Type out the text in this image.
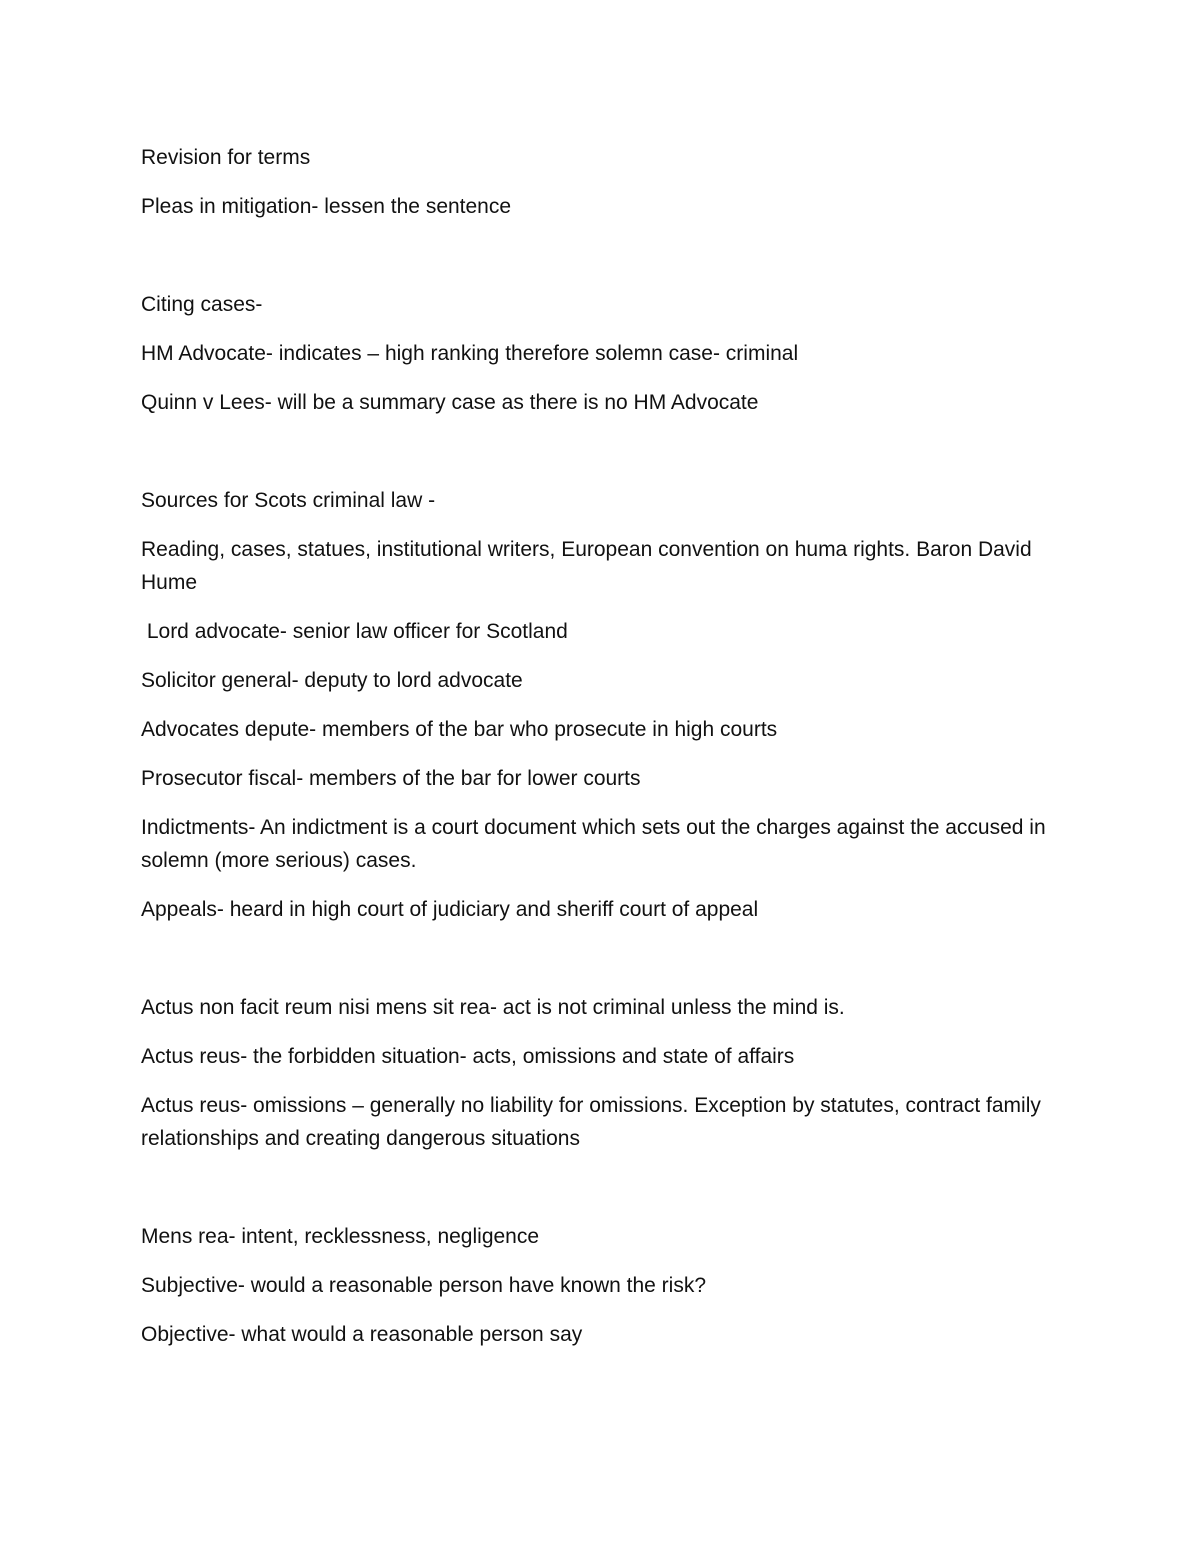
Revision for terms

Pleas in mitigation- lessen the sentence

Citing cases-

HM Advocate- indicates – high ranking therefore solemn case- criminal

Quinn v Lees- will be a summary case as there is no HM Advocate

Sources for Scots criminal law -

Reading, cases, statues, institutional writers, European convention on huma rights. Baron David Hume

Lord advocate- senior law officer for Scotland

Solicitor general- deputy to lord advocate

Advocates depute- members of the bar who prosecute in high courts

Prosecutor fiscal- members of the bar for lower courts

Indictments- An indictment is a court document which sets out the charges against the accused in solemn (more serious) cases.

Appeals- heard in high court of judiciary and sheriff court of appeal

Actus non facit reum nisi mens sit rea- act is not criminal unless the mind is.

Actus reus- the forbidden situation- acts, omissions and state of affairs

Actus reus- omissions – generally no liability for omissions. Exception by statutes, contract family relationships and creating dangerous situations

Mens rea- intent, recklessness, negligence

Subjective- would a reasonable person have known the risk?

Objective- what would a reasonable person say
